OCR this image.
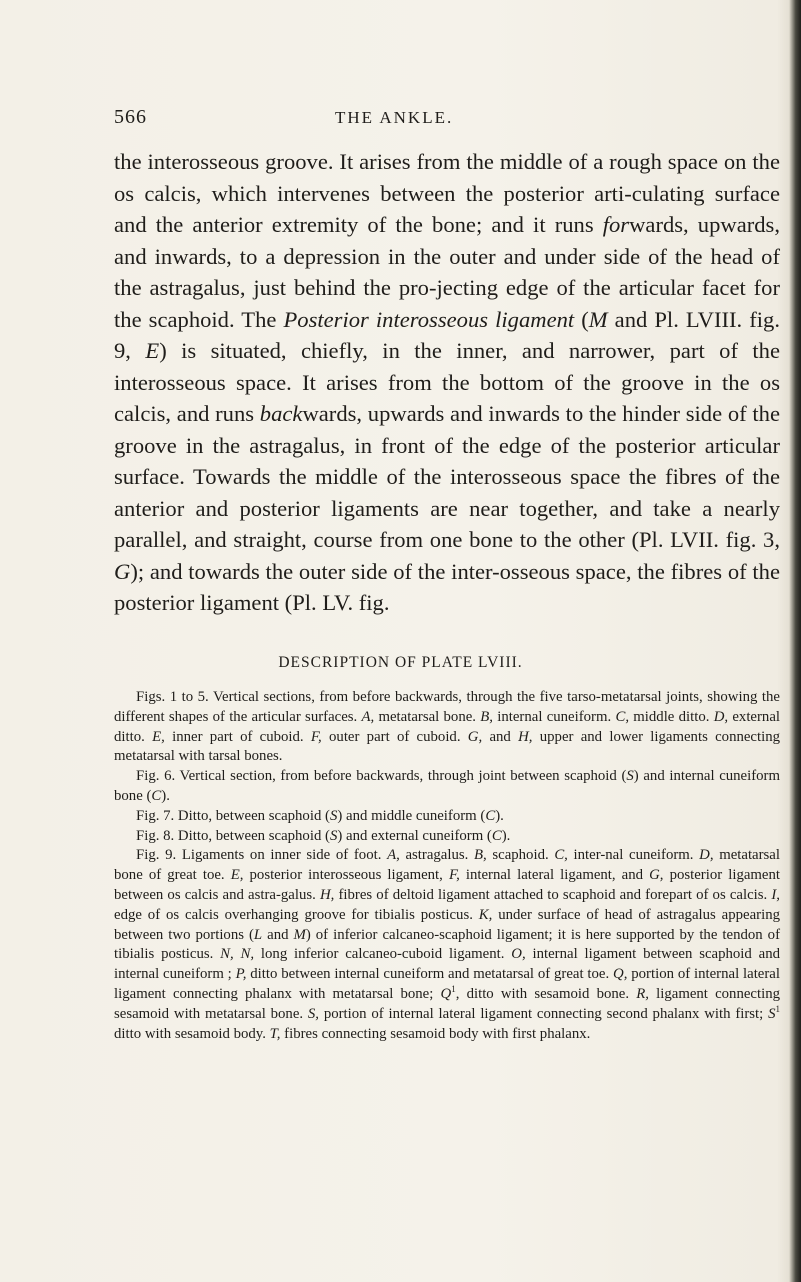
566	THE ANKLE.

the interosseous groove. It arises from the middle of a rough space on the os calcis, which intervenes between the posterior arti-culating surface and the anterior extremity of the bone; and it runs forwards, upwards, and inwards, to a depression in the outer and under side of the head of the astragalus, just behind the pro-jecting edge of the articular facet for the scaphoid. The Posterior interosseous ligament (M and Pl. LVIII. fig. 9, E) is situated, chiefly, in the inner, and narrower, part of the interosseous space. It arises from the bottom of the groove in the os calcis, and runs backwards, upwards and inwards to the hinder side of the groove in the astragalus, in front of the edge of the posterior articular surface. Towards the middle of the interosseous space the fibres of the anterior and posterior ligaments are near together, and take a nearly parallel, and straight, course from one bone to the other (Pl. LVII. fig. 3, G); and towards the outer side of the inter-osseous space, the fibres of the posterior ligament (Pl. LV. fig.

DESCRIPTION OF PLATE LVIII.

Figs. 1 to 5. Vertical sections, from before backwards, through the five tarso-metatarsal joints, showing the different shapes of the articular surfaces. A, metatarsal bone. B, internal cuneiform. C, middle ditto. D, external ditto. E, inner part of cuboid. F, outer part of cuboid. G, and H, upper and lower ligaments connecting metatarsal with tarsal bones.

Fig. 6. Vertical section, from before backwards, through joint between scaphoid (S) and internal cuneiform bone (C).

Fig. 7. Ditto, between scaphoid (S) and middle cuneiform (C).

Fig. 8. Ditto, between scaphoid (S) and external cuneiform (C).

Fig. 9. Ligaments on inner side of foot. A, astragalus. B, scaphoid. C, inter-nal cuneiform. D, metatarsal bone of great toe. E, posterior interosseous ligament, F, internal lateral ligament, and G, posterior ligament between os calcis and astra-galus. H, fibres of deltoid ligament attached to scaphoid and forepart of os calcis. I, edge of os calcis overhanging groove for tibialis posticus. K, under surface of head of astragalus appearing between two portions (L and M) of inferior calcaneo-scaphoid ligament; it is here supported by the tendon of tibialis posticus. N, N, long inferior calcaneo-cuboid ligament. O, internal ligament between scaphoid and internal cuneiform ; P, ditto between internal cuneiform and metatarsal of great toe. Q, portion of internal lateral ligament connecting phalanx with metatarsal bone; $Q^1$, ditto with sesamoid bone. R, ligament connecting sesamoid with metatarsal bone. S, portion of internal lateral ligament connecting second phalanx with first; $S^1$ ditto with sesamoid body. T, fibres connecting sesamoid body with first phalanx.
